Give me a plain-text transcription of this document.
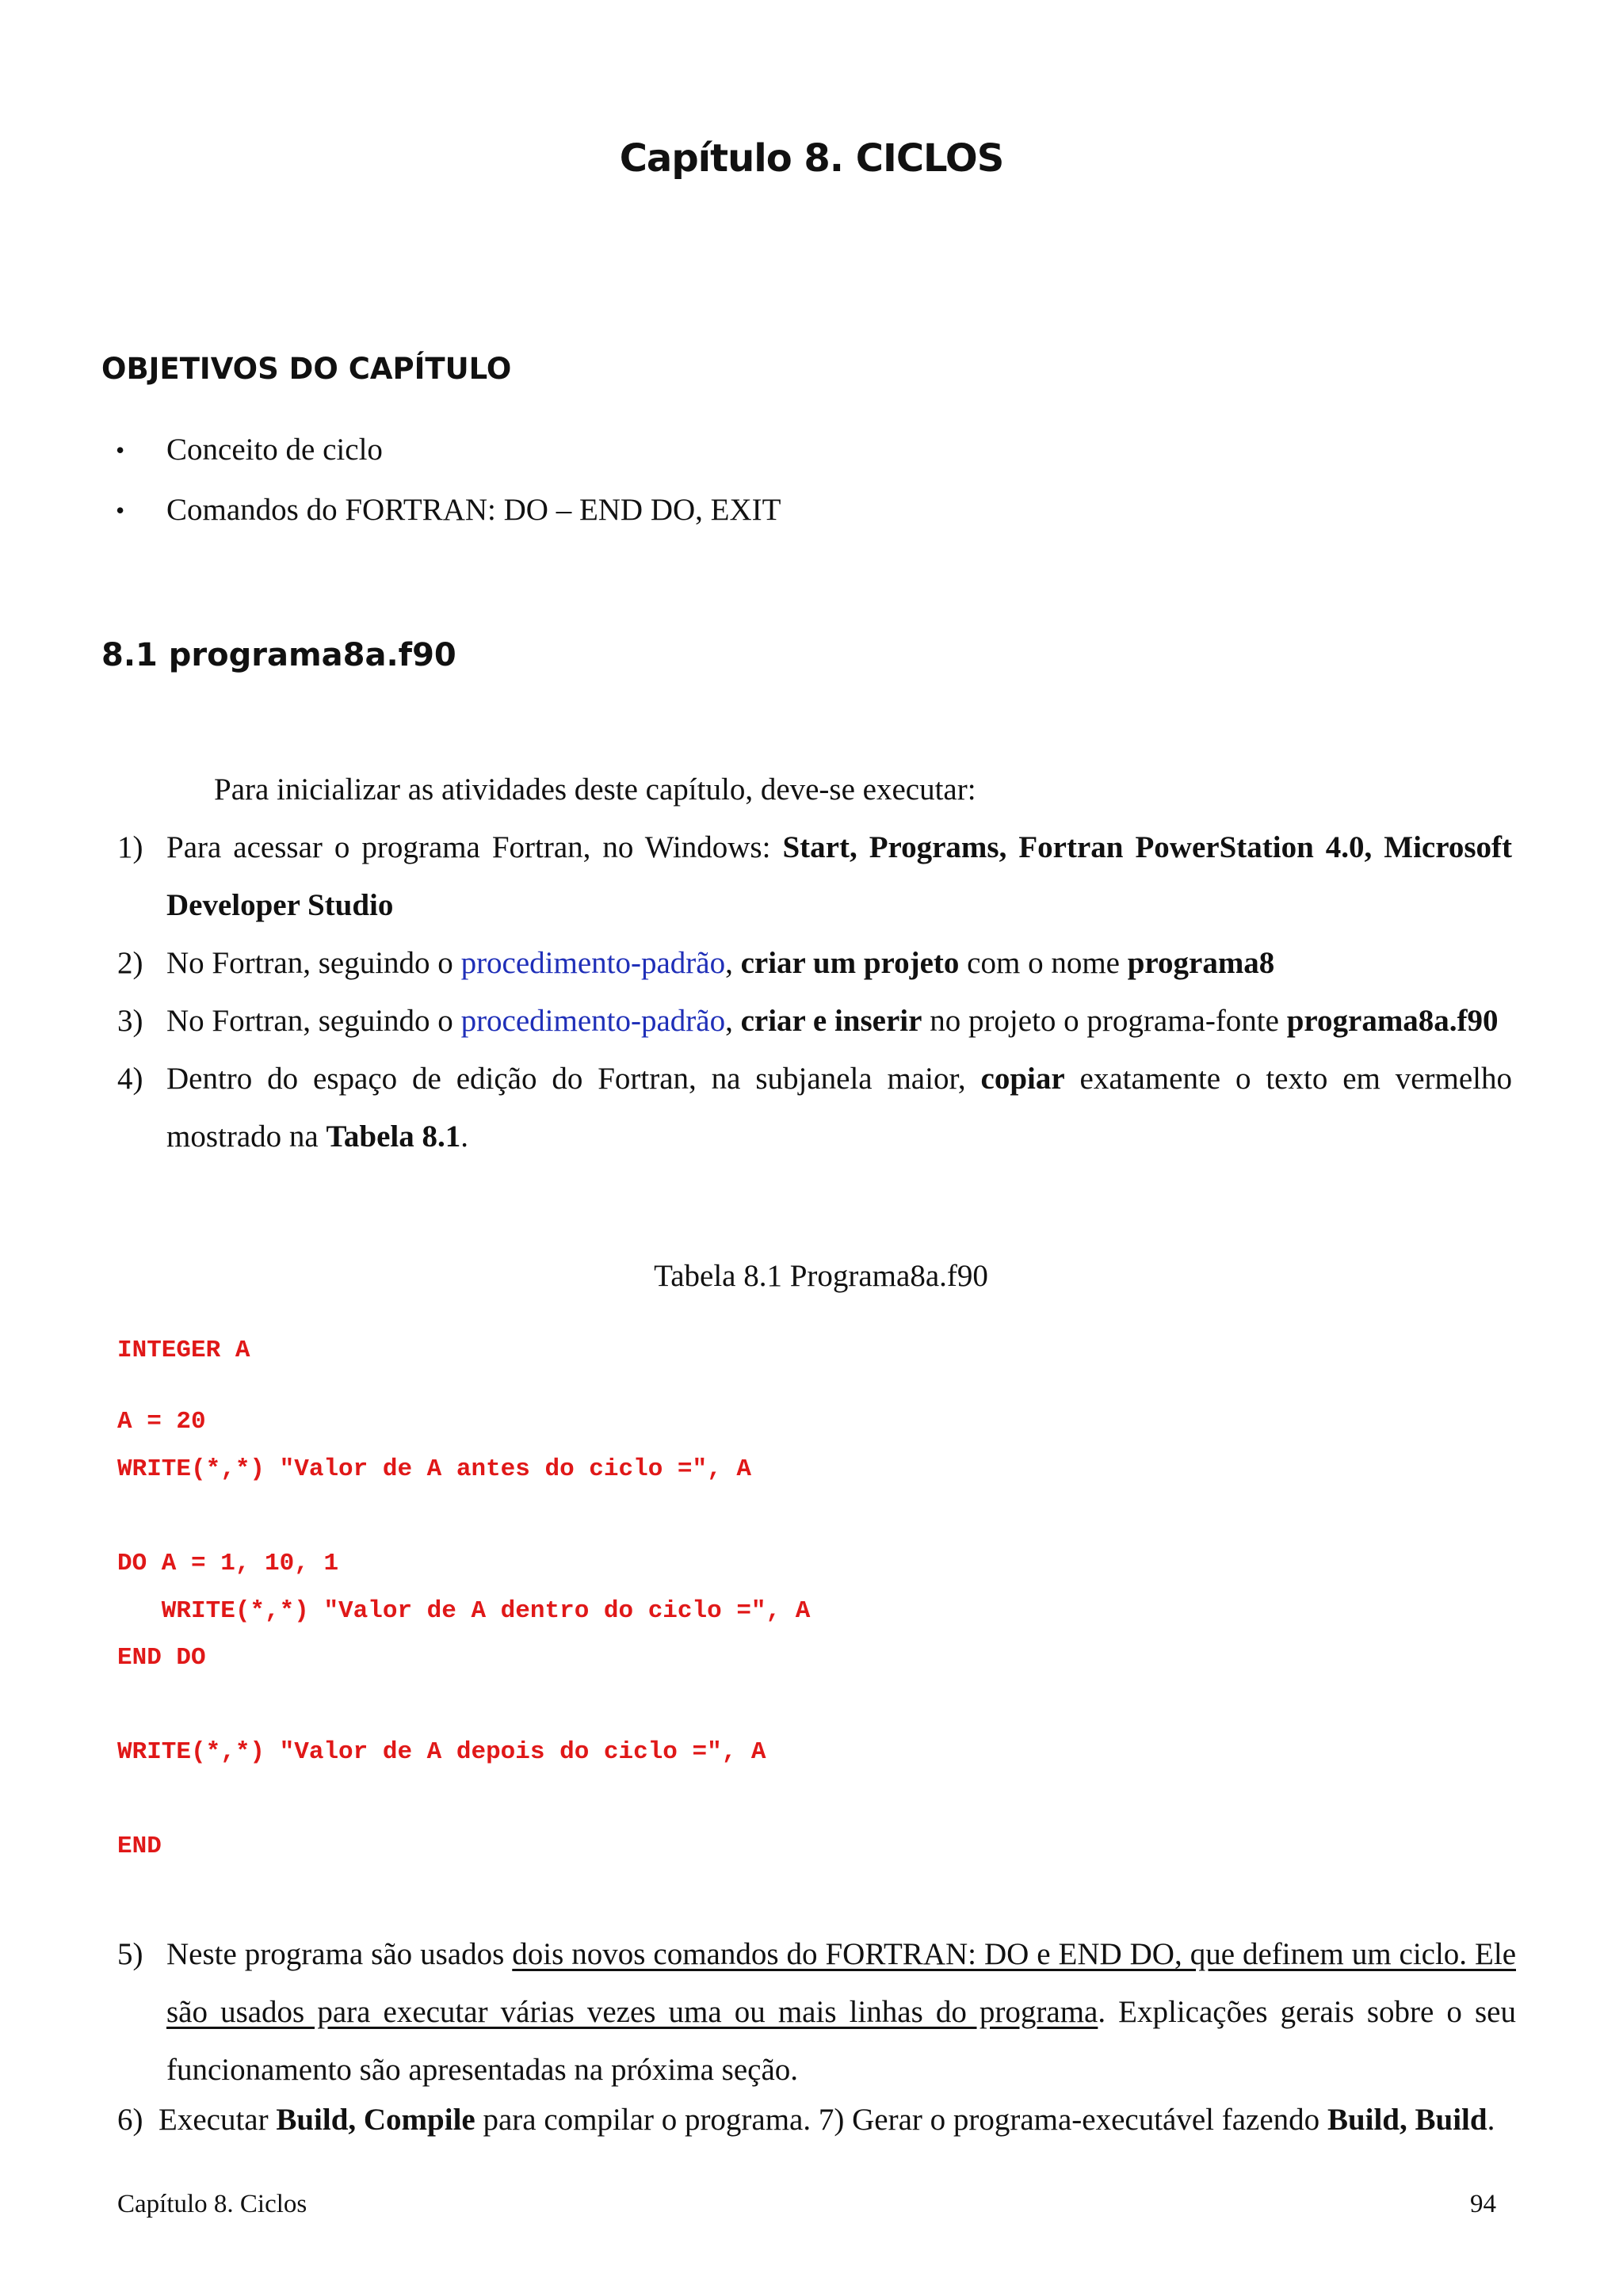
Capítulo 8. CICLOS
OBJETIVOS DO CAPÍTULO
• Conceito de ciclo
• Comandos do FORTRAN: DO – END DO, EXIT
8.1 programa8a.f90
Para inicializar as atividades deste capítulo, deve-se executar:
1) Para acessar o programa Fortran, no Windows: Start, Programs, Fortran PowerStation 4.0, Microsoft Developer Studio
2) No Fortran, seguindo o procedimento-padrão, criar um projeto com o nome programa8
3) No Fortran, seguindo o procedimento-padrão, criar e inserir no projeto o programa-fonte programa8a.f90
4) Dentro do espaço de edição do Fortran, na subjanela maior, copiar exatamente o texto em vermelho mostrado na Tabela 8.1.
Tabela 8.1 Programa8a.f90
INTEGER A
A = 20
WRITE(*,*) "Valor de A antes do ciclo =", A
DO A = 1, 10, 1
WRITE(*,*) "Valor de A dentro do ciclo =", A
END DO
WRITE(*,*) "Valor de A depois do ciclo =", A
END
5) Neste programa são usados dois novos comandos do FORTRAN: DO e END DO, que definem um ciclo. Ele são usados para executar várias vezes uma ou mais linhas do programa. Explicações gerais sobre o seu funcionamento são apresentadas na próxima seção.
6) Executar Build, Compile para compilar o programa. 7) Gerar o programa-executável fazendo Build, Build.
Capítulo 8. Ciclos	94
